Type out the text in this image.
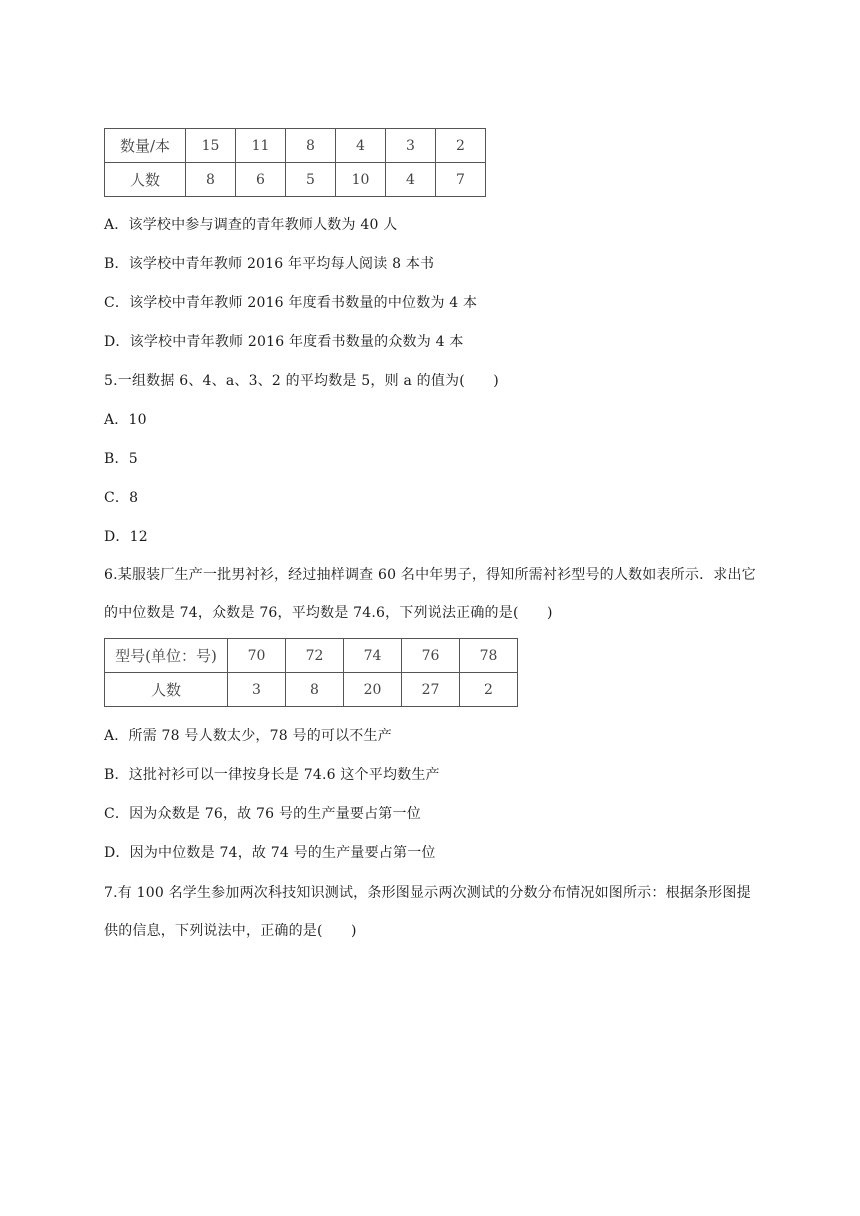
数量/本	15	11	8	4	3	2
人数	8	6	5	10	4	7
A．该学校中参与调查的青年教师人数为 40 人
B．该学校中青年教师 2016 年平均每人阅读 8 本书
C．该学校中青年教师 2016 年度看书数量的中位数为 4 本
D．该学校中青年教师 2016 年度看书数量的众数为 4 本
5.一组数据 6、4、a、3、2 的平均数是 5，则 a 的值为(　　)
A．10
B．5
C．8
D．12
6.某服装厂生产一批男衬衫，经过抽样调查 60 名中年男子，得知所需衬衫型号的人数如表所示．求出它的中位数是 74，众数是 76，平均数是 74.6，下列说法正确的是(　　)
型号(单位：号)	70	72	74	76	78
人数	3	8	20	27	2
A．所需 78 号人数太少，78 号的可以不生产
B．这批衬衫可以一律按身长是 74.6 这个平均数生产
C．因为众数是 76，故 76 号的生产量要占第一位
D．因为中位数是 74，故 74 号的生产量要占第一位
7.有 100 名学生参加两次科技知识测试，条形图显示两次测试的分数分布情况如图所示：根据条形图提供的信息，下列说法中，正确的是(　　)
